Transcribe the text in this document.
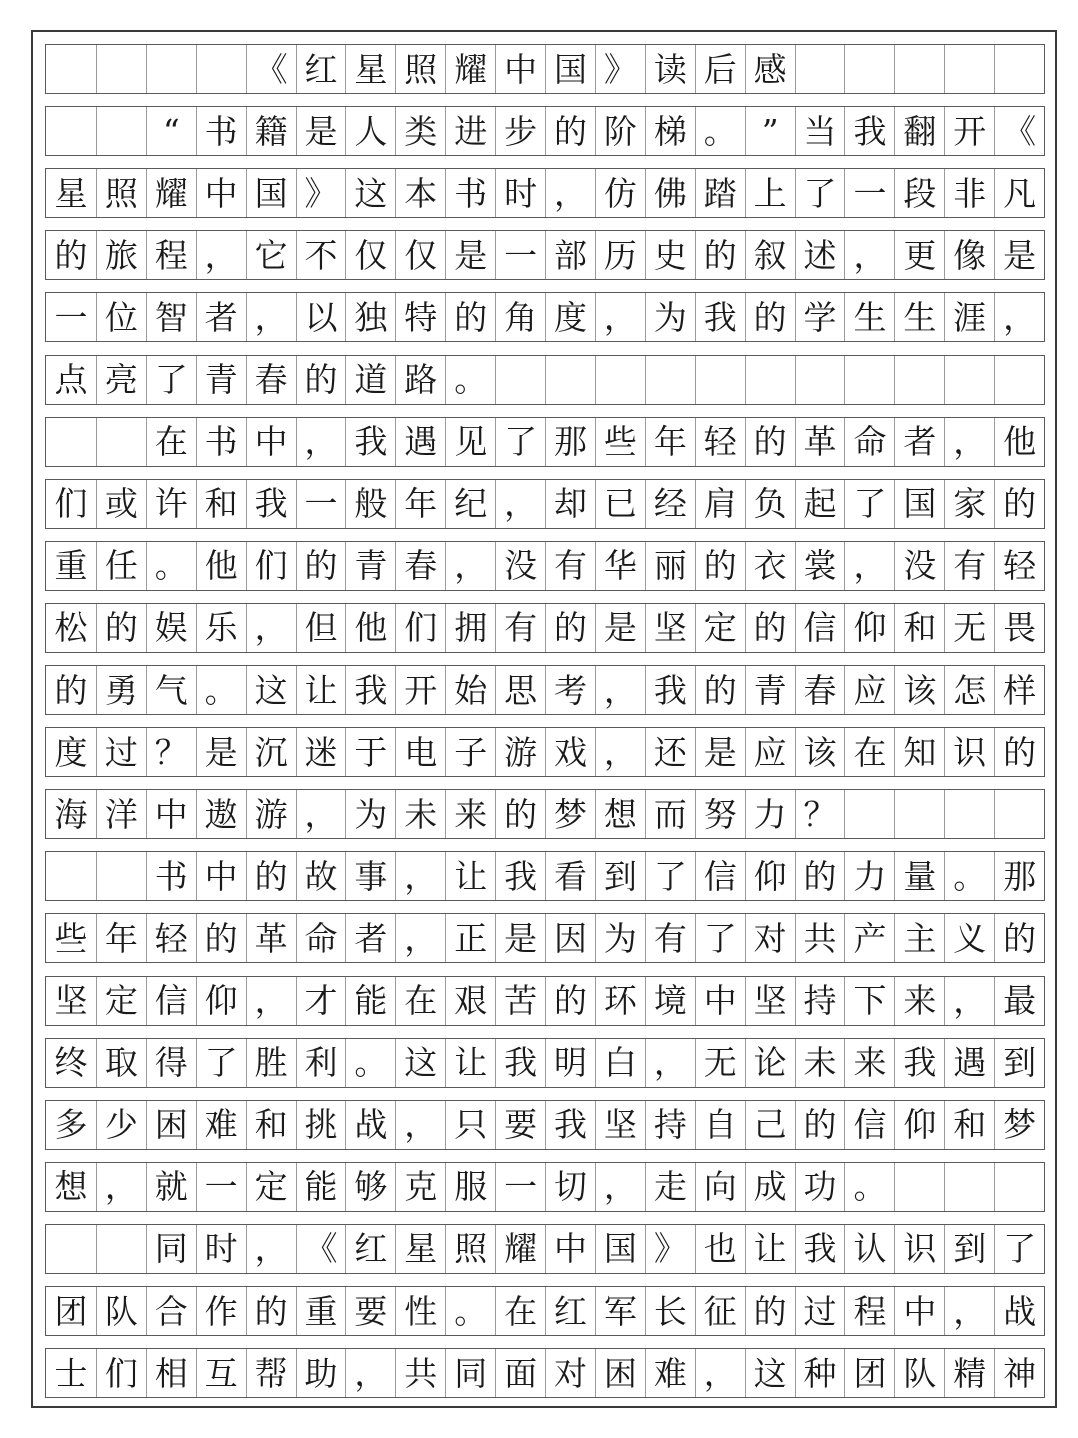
《 红 星 照 耀 中 国 》 读 后 感
“ 书 籍 是 人 类 进 步 的 阶 梯 。 ” 当 我 翻 开 《
星 照 耀 中 国 》 这 本 书 时 ， 仿 佛 踏 上 了 一 段 非 凡
的 旅 程 ， 它 不 仅 仅 是 一 部 历 史 的 叙 述 ， 更 像 是
一 位 智 者 ， 以 独 特 的 角 度 ， 为 我 的 学 生 生 涯 ，
点 亮 了 青 春 的 道 路 。
在 书 中 ， 我 遇 见 了 那 些 年 轻 的 革 命 者 ， 他
们 或 许 和 我 一 般 年 纪 ， 却 已 经 肩 负 起 了 国 家 的
重 任 。 他 们 的 青 春 ， 没 有 华 丽 的 衣 裳 ， 没 有 轻
松 的 娱 乐 ， 但 他 们 拥 有 的 是 坚 定 的 信 仰 和 无 畏
的 勇 气 。 这 让 我 开 始 思 考 ， 我 的 青 春 应 该 怎 样
度 过 ？ 是 沉 迷 于 电 子 游 戏 ， 还 是 应 该 在 知 识 的
海 洋 中 遨 游 ， 为 未 来 的 梦 想 而 努 力 ？
书 中 的 故 事 ， 让 我 看 到 了 信 仰 的 力 量 。 那
些 年 轻 的 革 命 者 ， 正 是 因 为 有 了 对 共 产 主 义 的
坚 定 信 仰 ， 才 能 在 艰 苦 的 环 境 中 坚 持 下 来 ， 最
终 取 得 了 胜 利 。 这 让 我 明 白 ， 无 论 未 来 我 遇 到
多 少 困 难 和 挑 战 ， 只 要 我 坚 持 自 己 的 信 仰 和 梦
想 ， 就 一 定 能 够 克 服 一 切 ， 走 向 成 功 。
同 时 ， 《 红 星 照 耀 中 国 》 也 让 我 认 识 到 了
团 队 合 作 的 重 要 性 。 在 红 军 长 征 的 过 程 中 ， 战
士 们 相 互 帮 助 ， 共 同 面 对 困 难 ， 这 种 团 队 精 神
